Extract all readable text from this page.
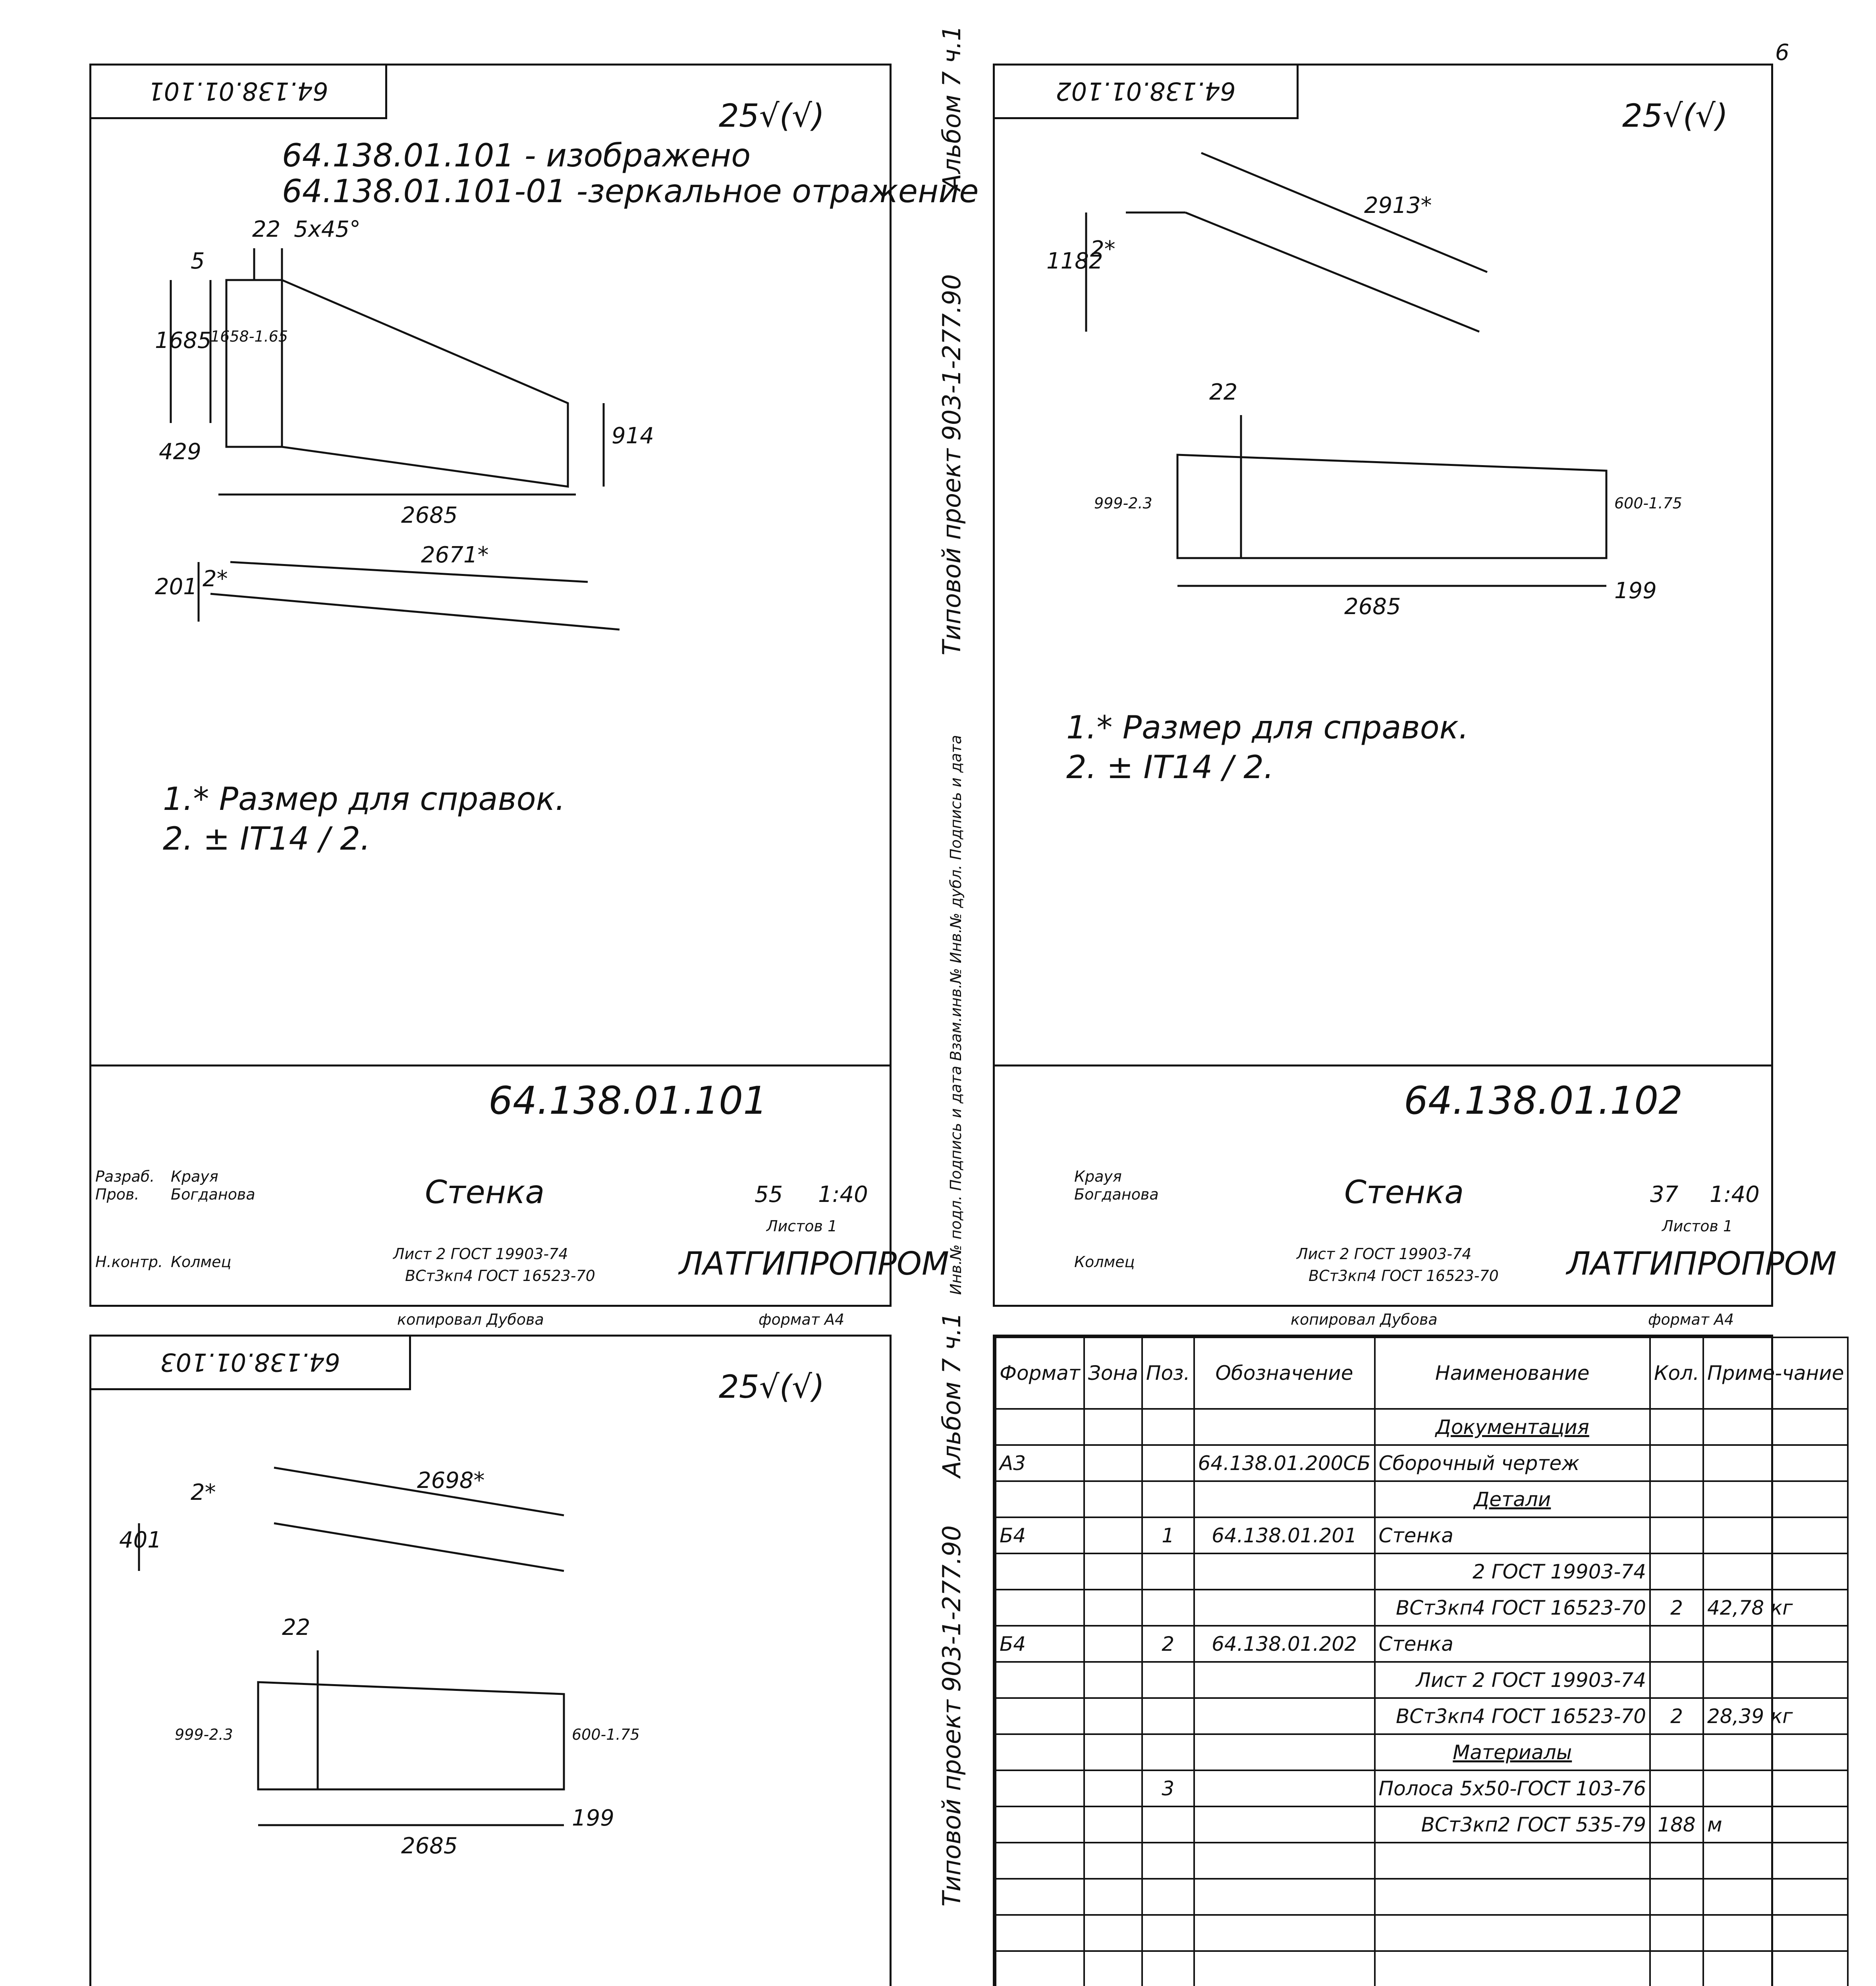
6
64.138.01.101
25√(√)
64.138.01.101 - изображено
64.138.01.101-01 -зеркальное отражение
22 5x45°
5
1685
1658-1.65
429
914
2685
2671*
201 2*
1.* Размер для справок.
2. ± IT14 / 2.
64.138.01.101
Стенка
Разраб. Крауя
Пров. Богданова
Н.контр. Колмец
55 1:40
Листов 1
Лист 2 ГОСТ 19903-74
ВСт3кп4 ГОСТ 16523-70	ЛАТГИПРОПРОМ
копировал Дубова	формат А4
Альбом 7 ч.1
Типовой проект 903-1-277.90
Инв.№ подл. Подпись и дата Взам.инв.№ Инв.№ дубл. Подпись и дата
64.138.01.102
25√(√)
2913*
2*
1182
22
999-2.3	600-1.75
199
2685
1.* Размер для справок.
2. ± IT14 / 2.
64.138.01.102
Стенка
Крауя
Богданова
Колмец
37 1:40
Листов 1
Лист 2 ГОСТ 19903-74
ВСт3кп4 ГОСТ 16523-70 ЛАТГИПРОПРОМ
копировал Дубова	формат А4
64.138.01.103
25√(√)
2698*
2*
401
22
999-2.3	600-1.75
199
2685
Альбом 7 ч.1
Типовой проект 903-1-277.90
Формат	Зона	Поз.	Обозначение	Наименование	Кол.	Приме-чание
				Документация		
А3			64.138.01.200СБ	Сборочный чертеж		
				Детали		
Б4		1	64.138.01.201	Стенка		
				2 ГОСТ 19903-74		
				ВСт3кп4 ГОСТ 16523-70	2	42,78 кг
Б4		2	64.138.01.202	Стенка		
				Лист 2 ГОСТ 19903-74		
				ВСт3кп4 ГОСТ 16523-70	2	28,39 кг
				Материалы		
		3		Полоса 5x50-ГОСТ 103-76		
				ВСт3кп2 ГОСТ 535-79	188	м
